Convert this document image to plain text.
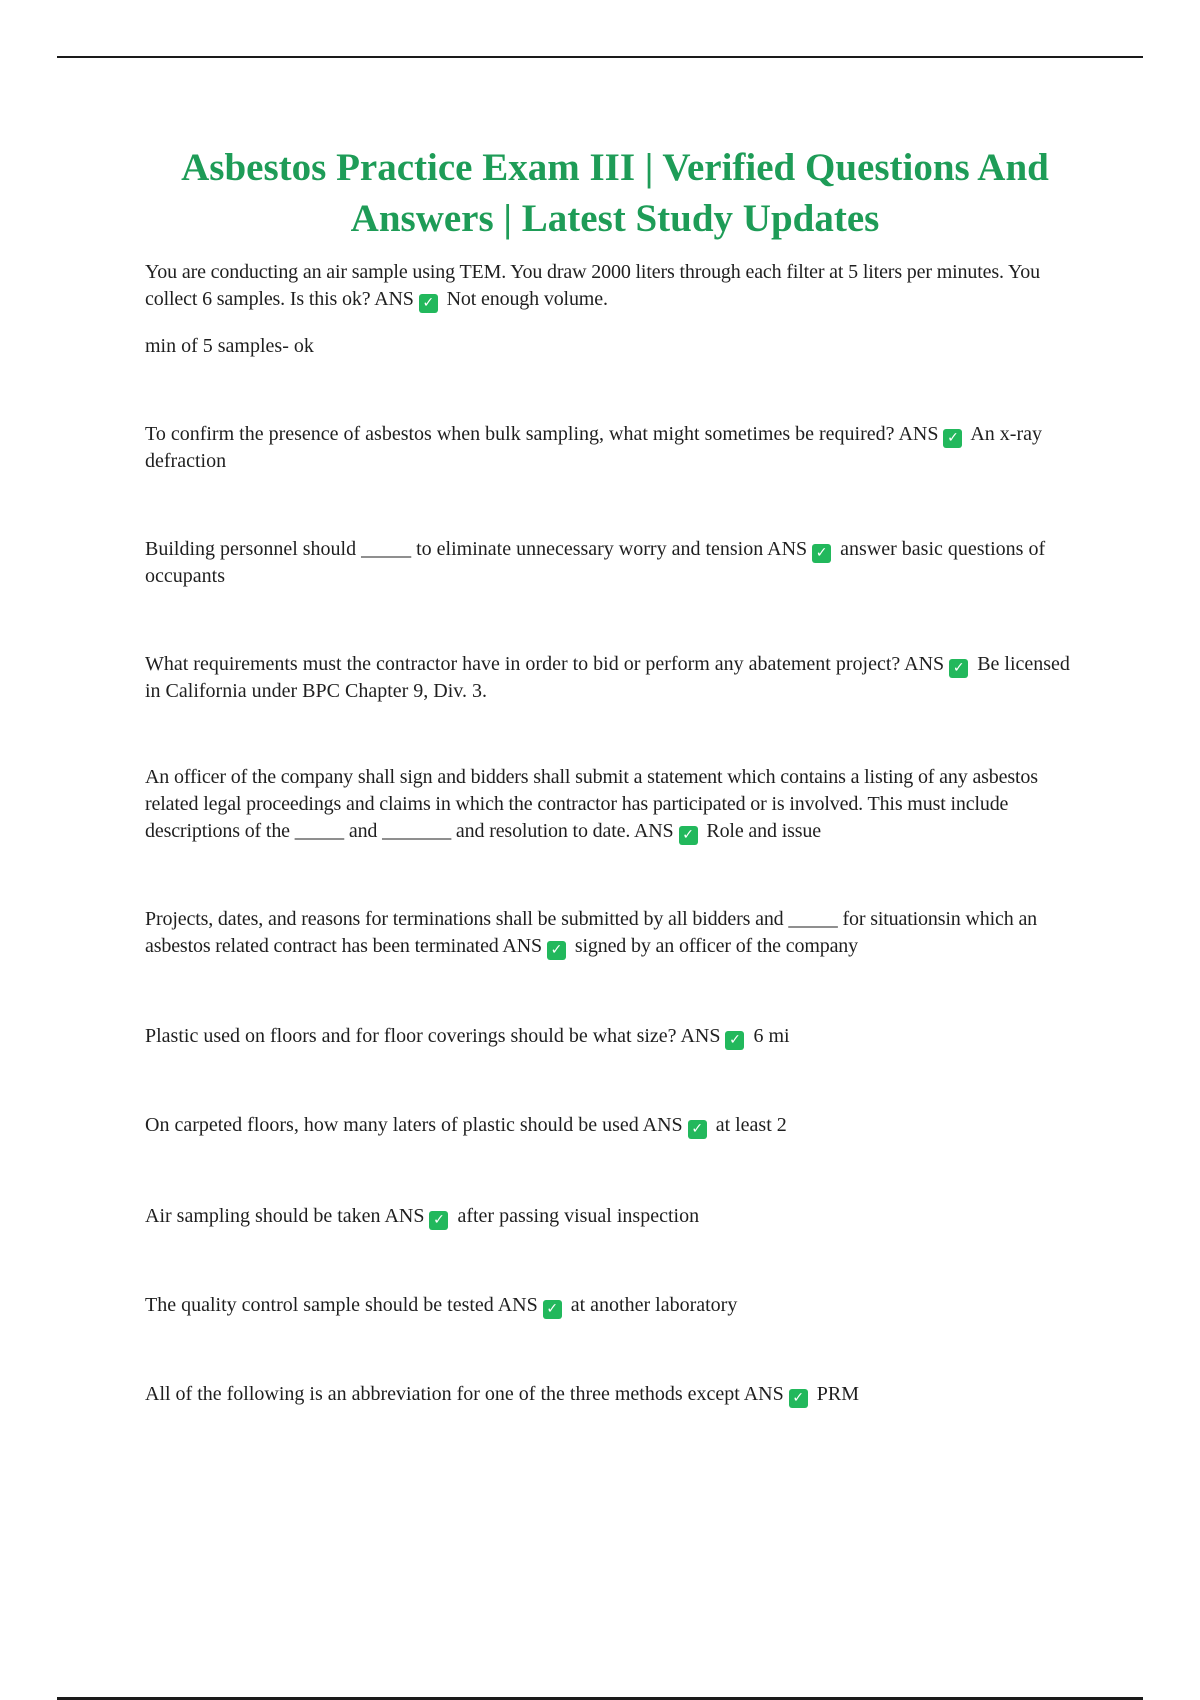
Asbestos Practice Exam III | Verified Questions And Answers | Latest Study Updates

You are conducting an air sample using TEM. You draw 2000 liters through each filter at 5 liters per minutes. You collect 6 samples. Is this ok? ANS ✓ Not enough volume.

min of 5 samples- ok

To confirm the presence of asbestos when bulk sampling, what might sometimes be required? ANS ✓ An x-ray defraction

Building personnel should _____ to eliminate unnecessary worry and tension ANS ✓ answer basic questions of occupants

What requirements must the contractor have in order to bid or perform any abatement project? ANS ✓ Be licensed in California under BPC Chapter 9, Div. 3.

An officer of the company shall sign and bidders shall submit a statement which contains a listing of any asbestos related legal proceedings and claims in which the contractor has participated or is involved. This must include descriptions of the _____ and _______ and resolution to date. ANS ✓ Role and issue

Projects, dates, and reasons for terminations shall be submitted by all bidders and _____ for situationsin which an asbestos related contract has been terminated ANS ✓ signed by an officer of the company

Plastic used on floors and for floor coverings should be what size? ANS ✓ 6 mi

On carpeted floors, how many laters of plastic should be used ANS ✓ at least 2

Air sampling should be taken ANS ✓ after passing visual inspection

The quality control sample should be tested ANS ✓ at another laboratory

All of the following is an abbreviation for one of the three methods except ANS ✓ PRM
